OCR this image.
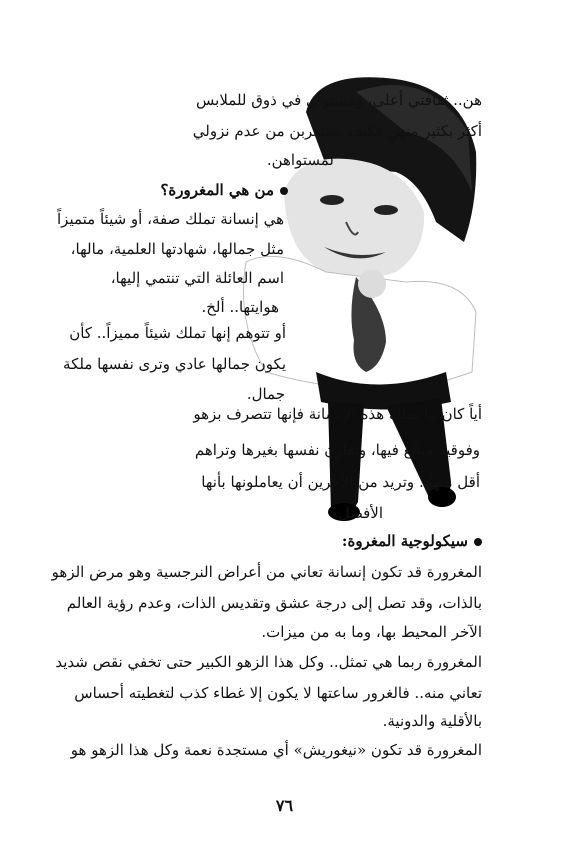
هن.. ثقافتي أعلى، ومستواي في ذوق للملابس
أكثر بكثير منهن فكيف يستغربن من عدم نزولي
لمستواهن.
من هي المغرورة؟
هي إنسانة تملك صفة، أو شيئاً متميزاً
مثل جمالها، شهادتها العلمية، مالها،
اسم العائلة التي تنتمي إليها،
هوايتها.. ألخ.
أو تتوهم إنها تملك شيئاً مميزاً.. كأن
يكون جمالها عادي وترى نفسها ملكة
جمال.
أياً كان ما تملك هذه الإنسانة فإنها تتصرف بزهو
وفوقية مبالغ فيها، وتقارن نفسها بغيرها وتراهم
أقل منها.. وتريد من الآخرين أن يعاملونها بأنها
الأفضل.
سيكولوجية المغروة:
المغرورة قد تكون إنسانة تعاني من أعراض النرجسية وهو مرض الزهو
بالذات، وقد تصل إلى درجة عشق وتقديس الذات، وعدم رؤية العالم
الآخر المحيط بها، وما به من ميزات.
المغرورة ربما هي تمثل.. وكل هذا الزهو الكبير حتى تخفي نقص شديد
تعاني منه.. فالغرور ساعتها لا يكون إلا غطاء كذب لتغطيته أحساس
بالأقلية والدونية.
المغرورة قد تكون «نيغوريش» أي مستجدة نعمة وكل هذا الزهو هو
٧٦
